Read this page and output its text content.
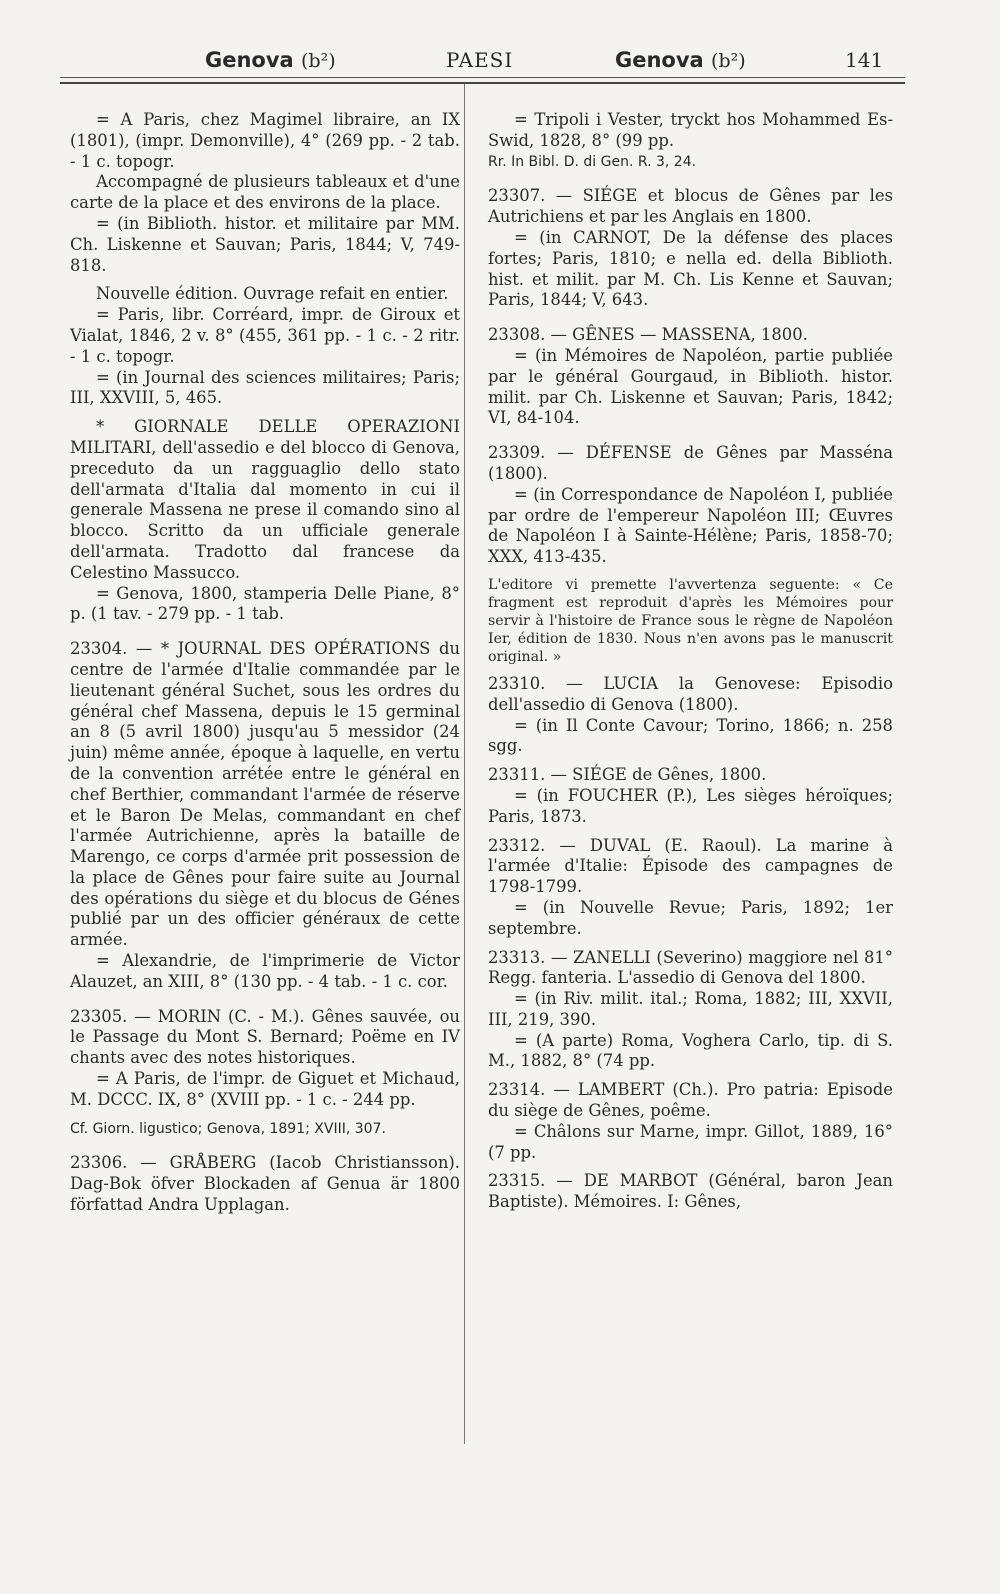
Genova (b²)	PAESI	Genova (b²)	141

= A Paris, chez Magimel libraire, an IX (1801), (impr. Demonville), 4° (269 pp. - 2 tab. - 1 c. topogr.

Accompagné de plusieurs tableaux et d'une carte de la place et des environs de la place.

= (in Biblioth. histor. et militaire par MM. Ch. Liskenne et Sauvan; Paris, 1844; V, 749-818.

Nouvelle édition. Ouvrage refait en entier.

= Paris, libr. Corréard, impr. de Giroux et Vialat, 1846, 2 v. 8° (455, 361 pp. - 1 c. - 2 ritr. - 1 c. topogr.

= (in Journal des sciences militaires; Paris; III, XXVIII, 5, 465.

* GIORNALE DELLE OPERAZIONI MILITARI, dell'assedio e del blocco di Genova, preceduto da un ragguaglio dello stato dell'armata d'Italia dal momento in cui il generale Massena ne prese il comando sino al blocco. Scritto da un ufficiale generale dell'armata. Tradotto dal francese da Celestino Massucco.

= Genova, 1800, stamperia Delle Piane, 8° p. (1 tav. - 279 pp. - 1 tab.

23304. — * JOURNAL DES OPÉRATIONS du centre de l'armée d'Italie commandée par le lieutenant général Suchet, sous les ordres du général chef Massena, depuis le 15 germinal an 8 (5 avril 1800) jusqu'au 5 messidor (24 juin) même année, époque à laquelle, en vertu de la convention arrétée entre le général en chef Berthier, commandant l'armée de réserve et le Baron De Melas, commandant en chef l'armée Autrichienne, après la bataille de Marengo, ce corps d'armée prit possession de la place de Gênes pour faire suite au Journal des opérations du siège et du blocus de Génes publié par un des officier généraux de cette armée.

= Alexandrie, de l'imprimerie de Victor Alauzet, an XIII, 8° (130 pp. - 4 tab. - 1 c. cor.

23305. — MORIN (C. - M.). Gênes sauvée, ou le Passage du Mont S. Bernard; Poëme en IV chants avec des notes historiques.

= A Paris, de l'impr. de Giguet et Michaud, M. DCCC. IX, 8° (XVIII pp. - 1 c. - 244 pp.

Cf. Giorn. ligustico; Genova, 1891; XVIII, 307.

23306. — GRÅBERG (Iacob Christiansson). Dag-Bok öfver Blockaden af Genua är 1800 författad Andra Upplagan.

= Tripoli i Vester, tryckt hos Mohammed Es-Swid, 1828, 8° (99 pp.

Rr. In Bibl. D. di Gen. R. 3, 24.

23307. — SIÉGE et blocus de Gênes par les Autrichiens et par les Anglais en 1800.

= (in CARNOT, De la défense des places fortes; Paris, 1810; e nella ed. della Biblioth. hist. et milit. par M. Ch. Lis Kenne et Sauvan; Paris, 1844; V, 643.

23308. — GÊNES — MASSENA, 1800.

= (in Mémoires de Napoléon, partie publiée par le général Gourgaud, in Biblioth. histor. milit. par Ch. Liskenne et Sauvan; Paris, 1842; VI, 84-104.

23309. — DÉFENSE de Gênes par Masséna (1800).

= (in Correspondance de Napoléon I, publiée par ordre de l'empereur Napoléon III; Œuvres de Napoléon I à Sainte-Hélène; Paris, 1858-70; XXX, 413-435.

L'editore vi premette l'avvertenza seguente: « Ce fragment est reproduit d'après les Mémoires pour servir à l'histoire de France sous le règne de Napoléon Ier, édition de 1830. Nous n'en avons pas le manuscrit original. »

23310. — LUCIA la Genovese: Episodio dell'assedio di Genova (1800).

= (in Il Conte Cavour; Torino, 1866; n. 258 sgg.

23311. — SIÉGE de Gênes, 1800.

= (in FOUCHER (P.), Les sièges héroïques; Paris, 1873.

23312. — DUVAL (E. Raoul). La marine à l'armée d'Italie: Épisode des campagnes de 1798-1799.

= (in Nouvelle Revue; Paris, 1892; 1er septembre.

23313. — ZANELLI (Severino) maggiore nel 81° Regg. fanteria. L'assedio di Genova del 1800.

= (in Riv. milit. ital.; Roma, 1882; III, XXVII, III, 219, 390.

= (A parte) Roma, Voghera Carlo, tip. di S. M., 1882, 8° (74 pp.

23314. — LAMBERT (Ch.). Pro patria: Episode du siège de Gênes, poême.

= Châlons sur Marne, impr. Gillot, 1889, 16° (7 pp.

23315. — DE MARBOT (Général, baron Jean Baptiste). Mémoires. I: Gênes,
